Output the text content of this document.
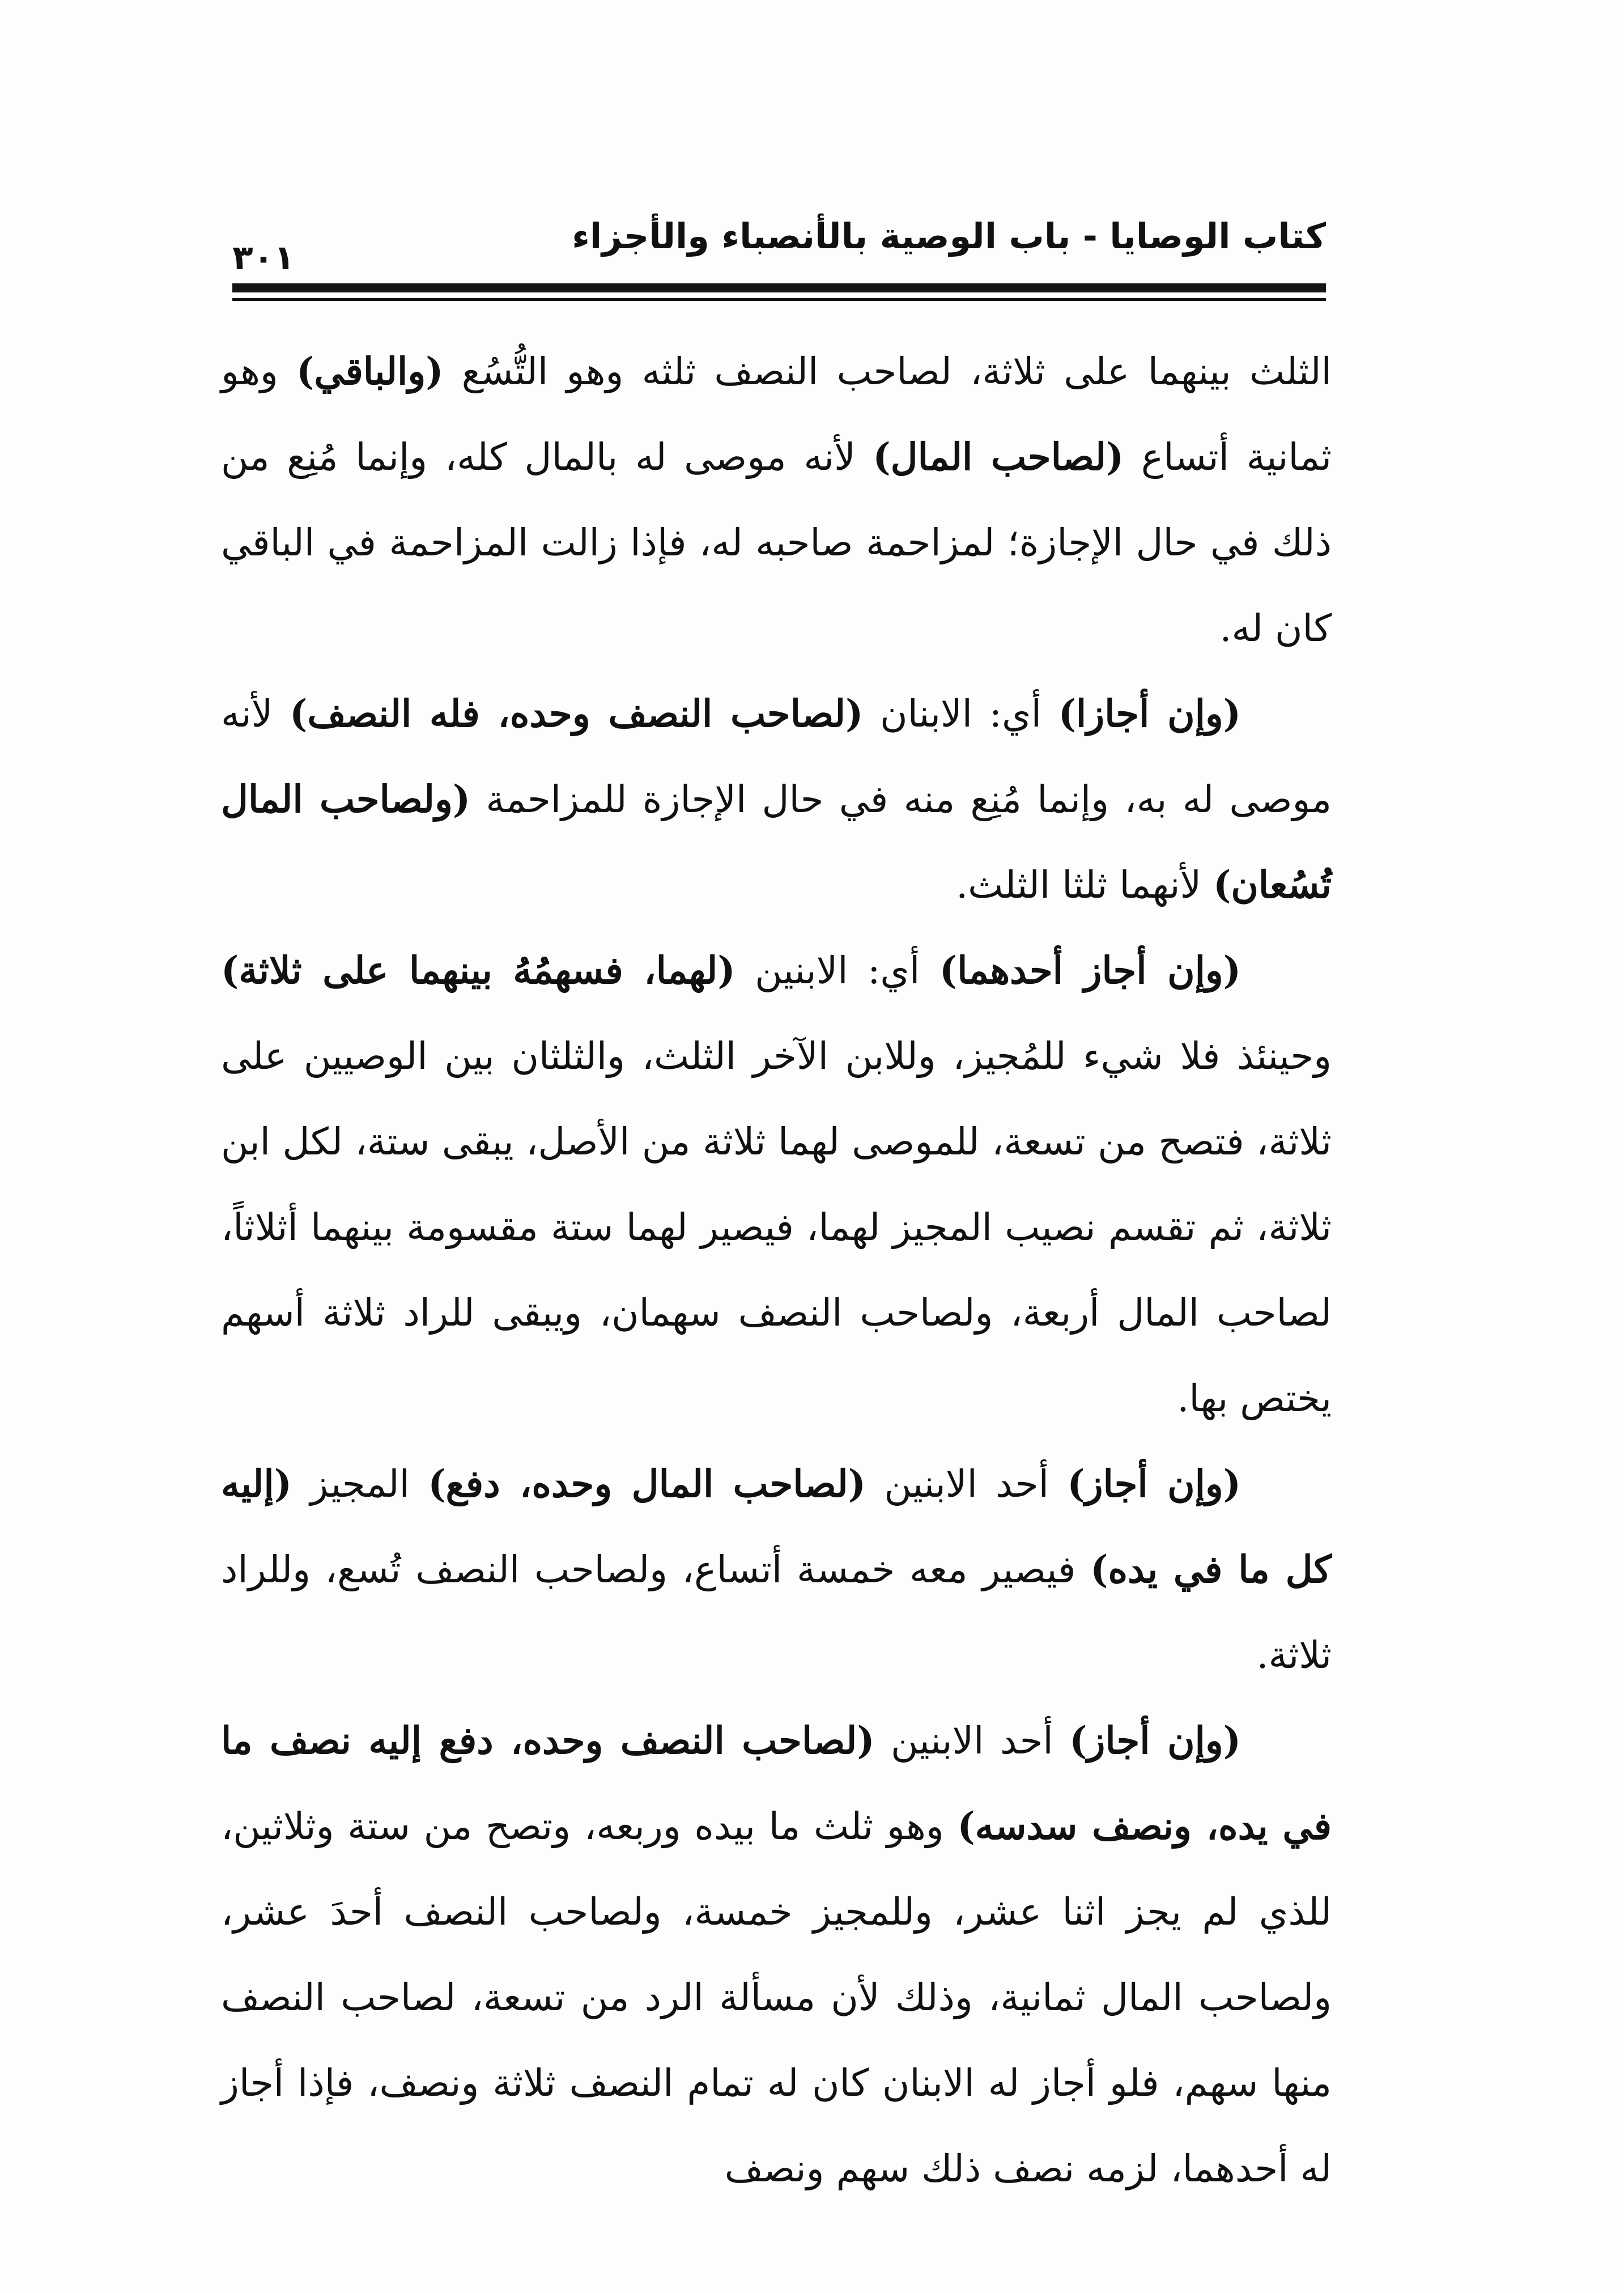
كتاب الوصايا - باب الوصية بالأنصباء والأجزاء
٣٠١

الثلث بينهما على ثلاثة، لصاحب النصف ثلثه وهو التُّسُع (والباقي) وهو ثمانية أتساع (لصاحب المال) لأنه موصى له بالمال كله، وإنما مُنِع من ذلك في حال الإجازة؛ لمزاحمة صاحبه له، فإذا زالت المزاحمة في الباقي كان له.

(وإن أجازا) أي: الابنان (لصاحب النصف وحده، فله النصف) لأنه موصى له به، وإنما مُنِع منه في حال الإجازة للمزاحمة (ولصاحب المال تُسُعان) لأنهما ثلثا الثلث.

(وإن أجاز أحدهما) أي: الابنين (لهما، فسهمُهُ بينهما على ثلاثة) وحينئذ فلا شيء للمُجيز، وللابن الآخر الثلث، والثلثان بين الوصيين على ثلاثة، فتصح من تسعة، للموصى لهما ثلاثة من الأصل، يبقى ستة، لكل ابن ثلاثة، ثم تقسم نصيب المجيز لهما، فيصير لهما ستة مقسومة بينهما أثلاثاً، لصاحب المال أربعة، ولصاحب النصف سهمان، ويبقى للراد ثلاثة أسهم يختص بها.

(وإن أجاز) أحد الابنين (لصاحب المال وحده، دفع) المجيز (إليه كل ما في يده) فيصير معه خمسة أتساع، ولصاحب النصف تُسع، وللراد ثلاثة.

(وإن أجاز) أحد الابنين (لصاحب النصف وحده، دفع إليه نصف ما في يده، ونصف سدسه) وهو ثلث ما بيده وربعه، وتصح من ستة وثلاثين، للذي لم يجز اثنا عشر، وللمجيز خمسة، ولصاحب النصف أحدَ عشر، ولصاحب المال ثمانية، وذلك لأن مسألة الرد من تسعة، لصاحب النصف منها سهم، فلو أجاز له الابنان كان له تمام النصف ثلاثة ونصف، فإذا أجاز له أحدهما، لزمه نصف ذلك سهم ونصف
